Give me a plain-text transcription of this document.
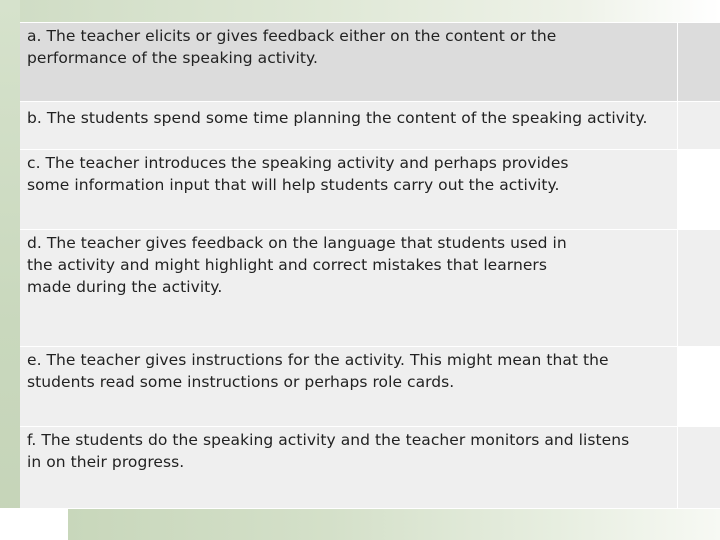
a. The teacher elicits or gives feedback either on the content or the
performance of the speaking activity.	

b. The students spend some time planning the content of the speaking activity.	

c. The teacher introduces the speaking activity and perhaps provides
some information input that will help students carry out the activity.	

d. The teacher gives feedback on the language that students used in
the activity and might highlight and correct mistakes that learners
made during the activity.	

e. The teacher gives instructions for the activity. This might mean that the
students read some instructions or perhaps role cards.	

f. The students do the speaking activity and the teacher monitors and listens
in on their progress.	
